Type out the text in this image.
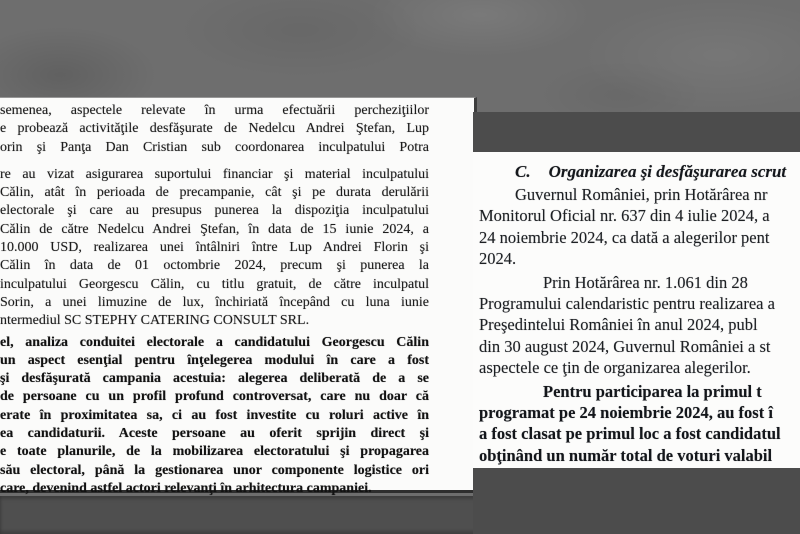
semenea, aspectele relevate în urma efectuării percheziţiilor
e probează activităţile desfăşurate de Nedelcu Andrei Ştefan, Lup
orin şi Panţa Dan Cristian sub coordonarea inculpatului Potra
re au vizat asigurarea suportului financiar şi material inculpatului
Călin, atât în perioada de precampanie, cât şi pe durata derulării
electorale şi care au presupus punerea la dispoziţia inculpatului
Călin de către Nedelcu Andrei Ştefan, în data de 15 iunie 2024, a
10.000 USD, realizarea unei întâlniri între Lup Andrei Florin şi
Călin în data de 01 octombrie 2024, precum şi punerea la
inculpatului Georgescu Călin, cu titlu gratuit, de către inculpatul
Sorin, a unei limuzine de lux, închiriată începând cu luna iunie
ntermediul SC STEPHY CATERING CONSULT SRL.
el, analiza conduitei electorale a candidatului Georgescu Călin
un aspect esenţial pentru înţelegerea modului în care a fost
şi desfăşurată campania acestuia: alegerea deliberată de a se
de persoane cu un profil profund controversat, care nu doar că
erate în proximitatea sa, ci au fost investite cu roluri active în
ea candidaturii. Aceste persoane au oferit sprijin direct şi
e toate planurile, de la mobilizarea electoratului şi propagarea
său electoral, până la gestionarea unor componente logistice ori
care, devenind astfel actori relevanţi în arhitectura campaniei.
C. Organizarea şi desfăşurarea scrut
Guvernul României, prin Hotărârea nr
Monitorul Oficial nr. 637 din 4 iulie 2024, a
24 noiembrie 2024, ca dată a alegerilor pent
2024.
Prin Hotărârea nr. 1.061 din 28
Programului calendaristic pentru realizarea a
Preşedintelui României în anul 2024, publ
din 30 august 2024, Guvernul României a st
aspectele ce ţin de organizarea alegerilor.
Pentru participarea la primul t
programat pe 24 noiembrie 2024, au fost î
a fost clasat pe primul loc a fost candidatul
obţinând un număr total de voturi valabil
